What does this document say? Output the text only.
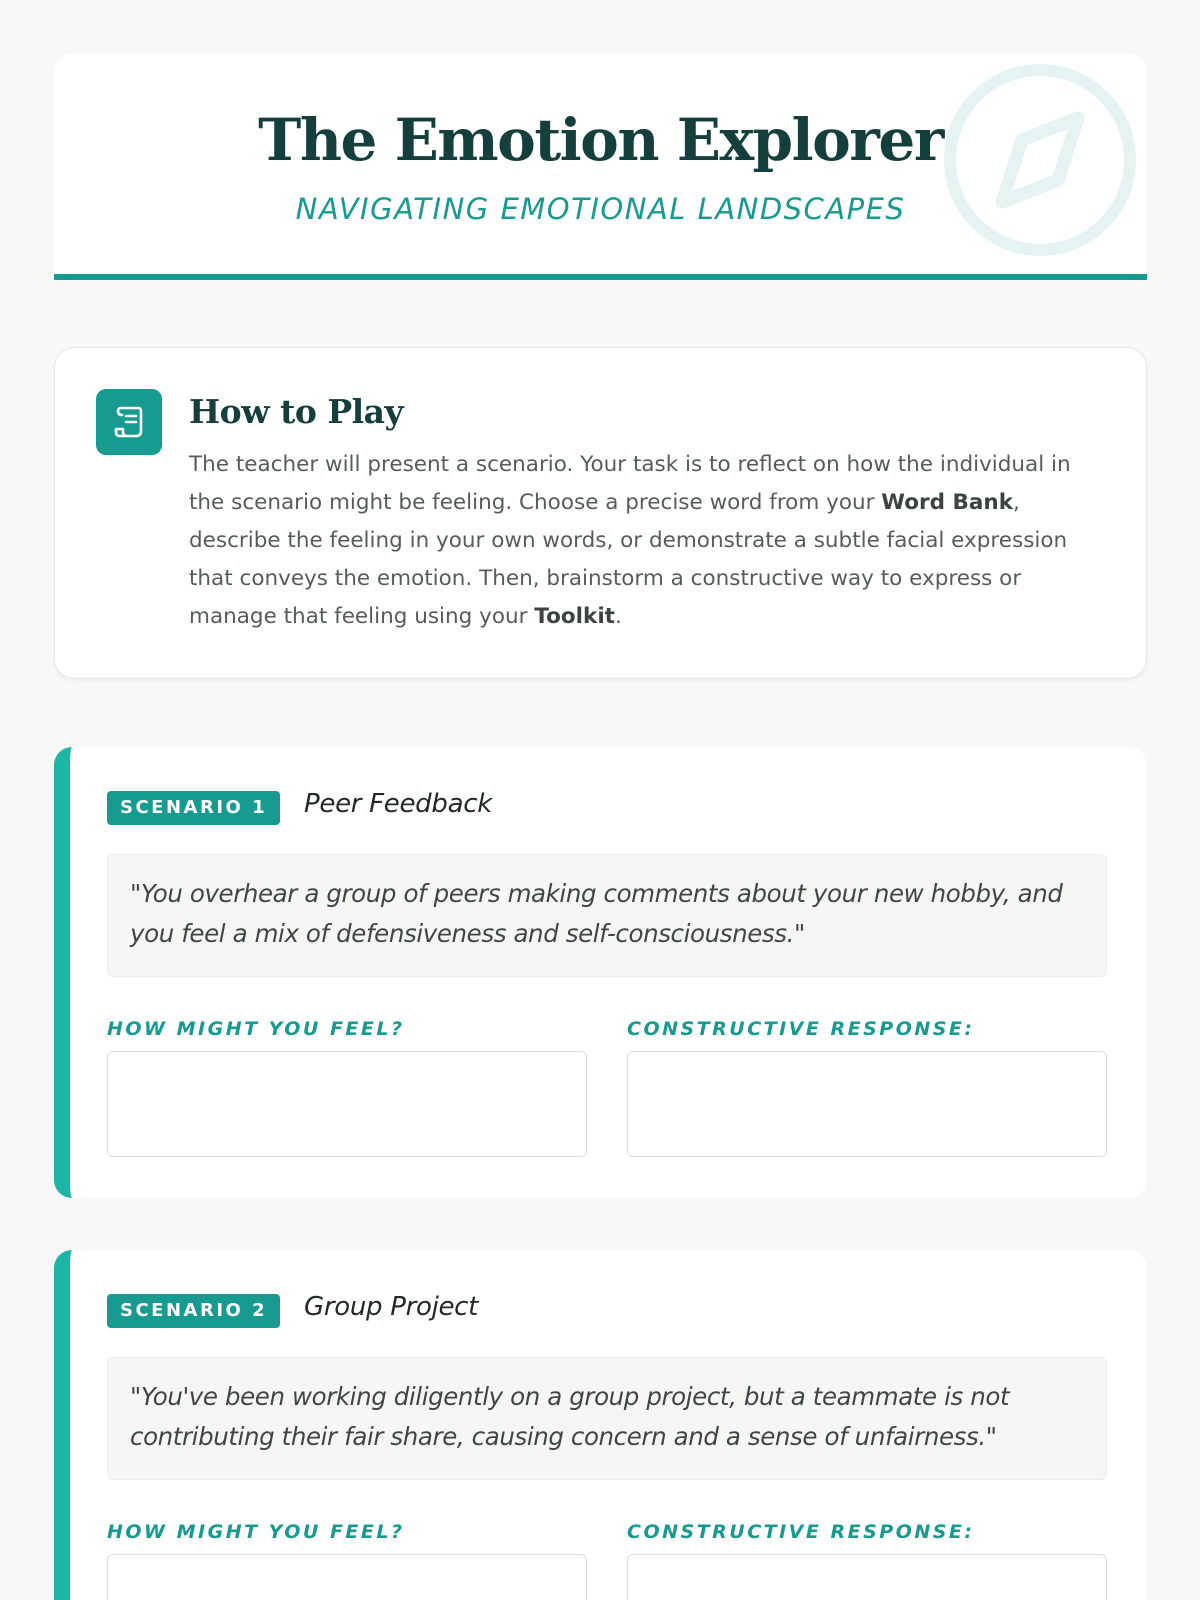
The Emotion Explorer
NAVIGATING EMOTIONAL LANDSCAPES
How to Play
The teacher will present a scenario. Your task is to reflect on how the individual in the scenario might be feeling. Choose a precise word from your Word Bank, describe the feeling in your own words, or demonstrate a subtle facial expression that conveys the emotion. Then, brainstorm a constructive way to express or manage that feeling using your Toolkit.
SCENARIO 1	Peer Feedback
"You overhear a group of peers making comments about your new hobby, and you feel a mix of defensiveness and self-consciousness."
HOW MIGHT YOU FEEL?	CONSTRUCTIVE RESPONSE:
SCENARIO 2	Group Project
"You've been working diligently on a group project, but a teammate is not contributing their fair share, causing concern and a sense of unfairness."
HOW MIGHT YOU FEEL?	CONSTRUCTIVE RESPONSE:
